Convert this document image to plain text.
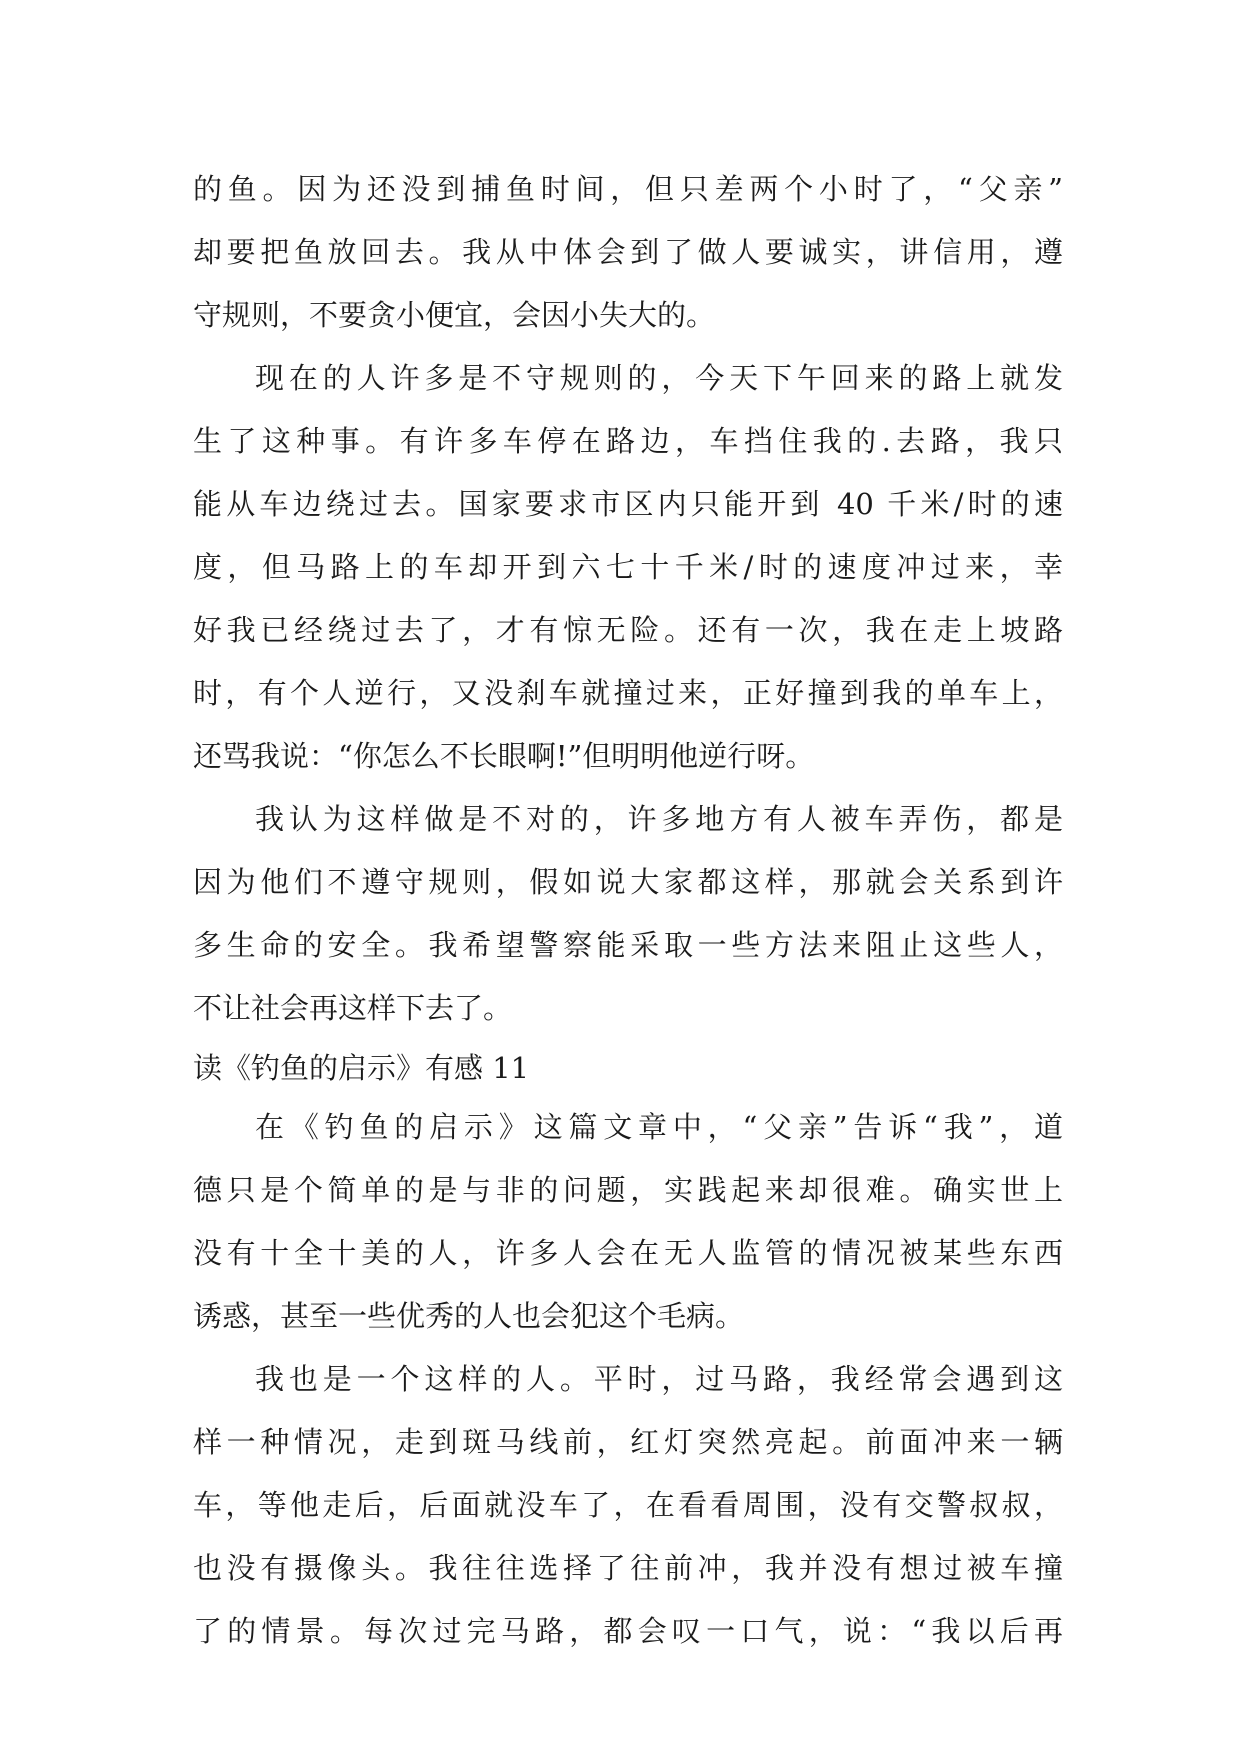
的鱼。因为还没到捕鱼时间，但只差两个小时了，“父亲”
却要把鱼放回去。我从中体会到了做人要诚实，讲信用，遵
守规则，不要贪小便宜，会因小失大的。
现在的人许多是不守规则的，今天下午回来的路上就发
生了这种事。有许多车停在路边，车挡住我的.去路，我只
能从车边绕过去。国家要求市区内只能开到 40 千米/时的速
度，但马路上的车却开到六七十千米/时的速度冲过来，幸
好我已经绕过去了，才有惊无险。还有一次，我在走上坡路
时，有个人逆行，又没刹车就撞过来，正好撞到我的单车上，
还骂我说：“你怎么不长眼啊!”但明明他逆行呀。
我认为这样做是不对的，许多地方有人被车弄伤，都是
因为他们不遵守规则，假如说大家都这样，那就会关系到许
多生命的安全。我希望警察能采取一些方法来阻止这些人，
不让社会再这样下去了。
读《钓鱼的启示》有感 11
在《钓鱼的启示》这篇文章中，“父亲”告诉“我”，道
德只是个简单的是与非的问题，实践起来却很难。确实世上
没有十全十美的人，许多人会在无人监管的情况被某些东西
诱惑，甚至一些优秀的人也会犯这个毛病。
我也是一个这样的人。平时，过马路，我经常会遇到这
样一种情况，走到斑马线前，红灯突然亮起。前面冲来一辆
车，等他走后，后面就没车了，在看看周围，没有交警叔叔，
也没有摄像头。我往往选择了往前冲，我并没有想过被车撞
了的情景。每次过完马路，都会叹一口气，说：“我以后再
